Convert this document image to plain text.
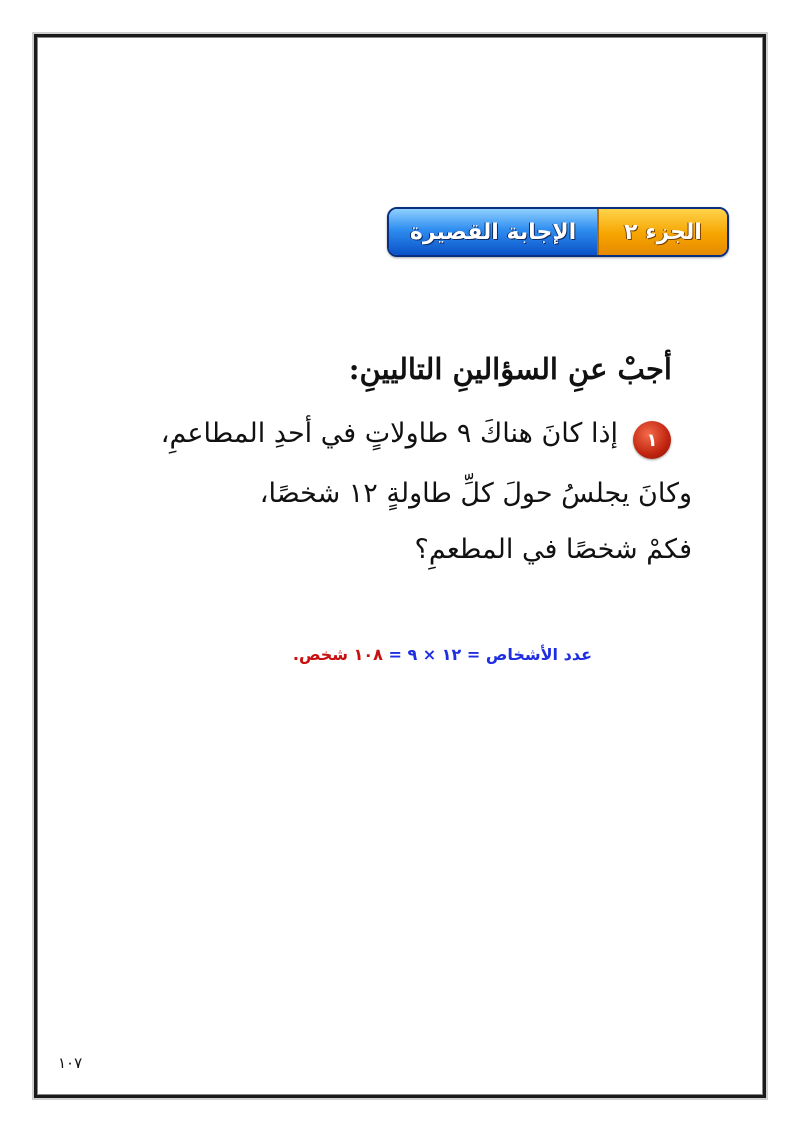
الإجابة القصيرة الجزء ٢
أجبْ عنِ السؤالينِ التاليينِ:
١
إذا كانَ هناكَ ٩ طاولاتٍ في أحدِ المطاعمِ،
وكانَ يجلسُ حولَ كلِّ طاولةٍ ١٢ شخصًا،
فكمْ شخصًا في المطعمِ؟
عدد الأشخاص = ١٢ × ٩ = ١٠٨ شخص.
١٠٧
